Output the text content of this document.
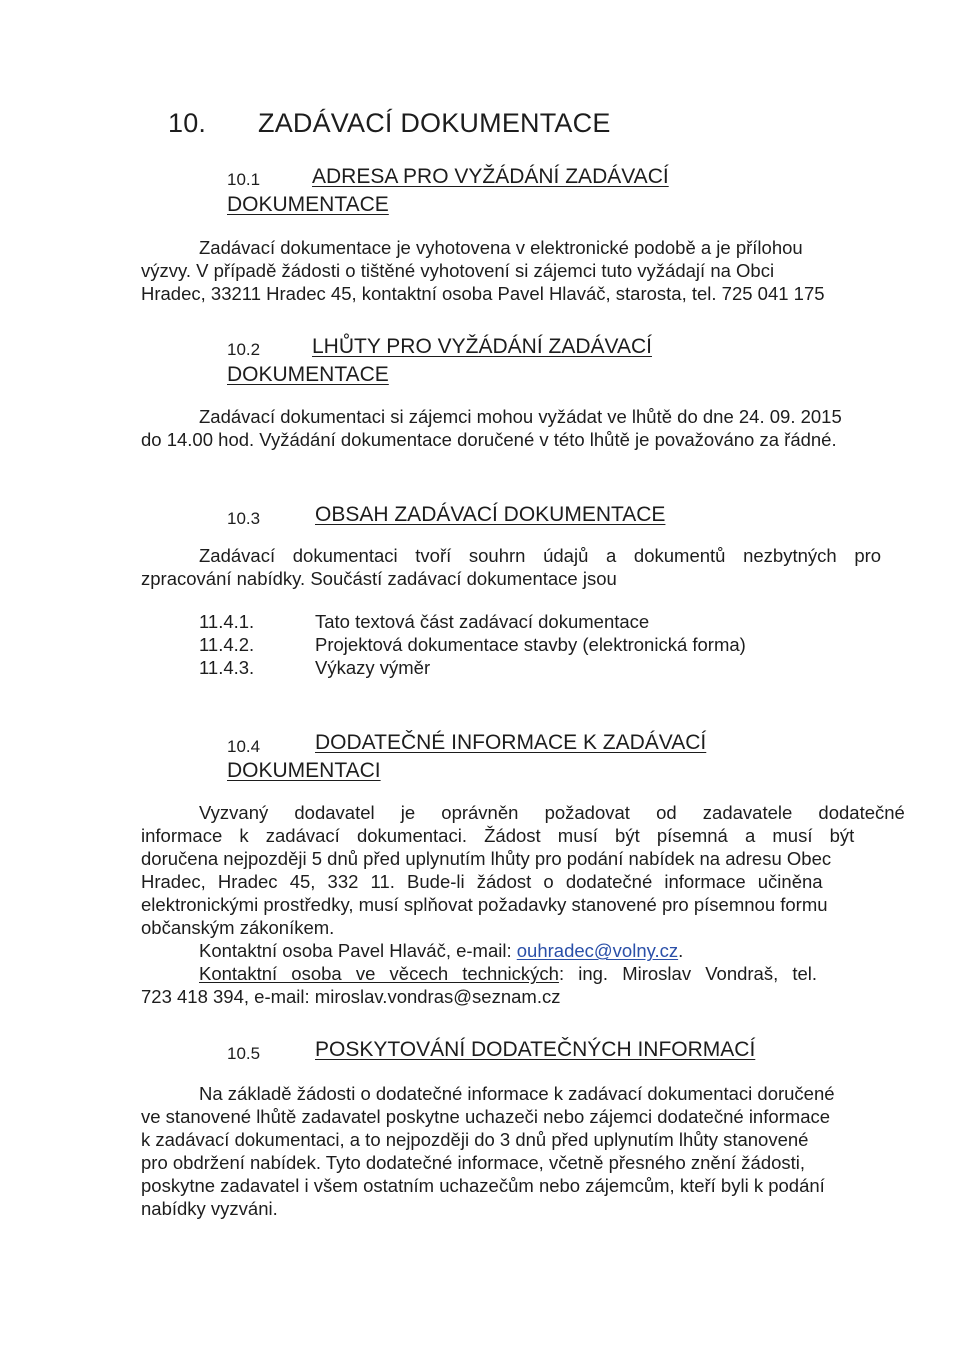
10. ZADÁVACÍ DOKUMENTACE
10.1 ADRESA PRO VYŽÁDÁNÍ ZADÁVACÍ
DOKUMENTACE
Zadávací dokumentace je vyhotovena v elektronické podobě a je přílohou
výzvy. V případě žádosti o tištěné vyhotovení si zájemci tuto vyžádají na Obci
Hradec, 33211 Hradec 45, kontaktní osoba Pavel Hlaváč, starosta, tel. 725 041 175
10.2 LHŮTY PRO VYŽÁDÁNÍ ZADÁVACÍ
DOKUMENTACE
Zadávací dokumentaci si zájemci mohou vyžádat ve lhůtě do dne 24. 09. 2015
do 14.00 hod. Vyžádání dokumentace doručené v této lhůtě je považováno za řádné.
10.3	OBSAH ZADÁVACÍ DOKUMENTACE
Zadávací dokumentaci tvoří souhrn údajů a dokumentů nezbytných pro
zpracování nabídky. Součástí zadávací dokumentace jsou
11.4.1.	Tato textová část zadávací dokumentace
11.4.2.	Projektová dokumentace stavby (elektronická forma)
11.4.3.	Výkazy výměr
10.4	DODATEČNÉ INFORMACE K ZADÁVACÍ
DOKUMENTACI
Vyzvaný dodavatel je oprávněn požadovat od zadavatele dodatečné
informace k zadávací dokumentaci. Žádost musí být písemná a musí být
doručena nejpozději 5 dnů před uplynutím lhůty pro podání nabídek na adresu Obec
Hradec, Hradec 45, 332 11. Bude-li žádost o dodatečné informace učiněna
elektronickými prostředky, musí splňovat požadavky stanovené pro písemnou formu
občanským zákoníkem.
Kontaktní osoba Pavel Hlaváč, e-mail: ouhradec@volny.cz.
Kontaktní osoba ve věcech technických: ing. Miroslav Vondraš, tel.
723 418 394, e-mail: miroslav.vondras@seznam.cz
10.5	POSKYTOVÁNÍ DODATEČNÝCH INFORMACÍ
Na základě žádosti o dodatečné informace k zadávací dokumentaci doručené
ve stanovené lhůtě zadavatel poskytne uchazeči nebo zájemci dodatečné informace
k zadávací dokumentaci, a to nejpozději do 3 dnů před uplynutím lhůty stanovené
pro obdržení nabídek. Tyto dodatečné informace, včetně přesného znění žádosti,
poskytne zadavatel i všem ostatním uchazečům nebo zájemcům, kteří byli k podání
nabídky vyzváni.
